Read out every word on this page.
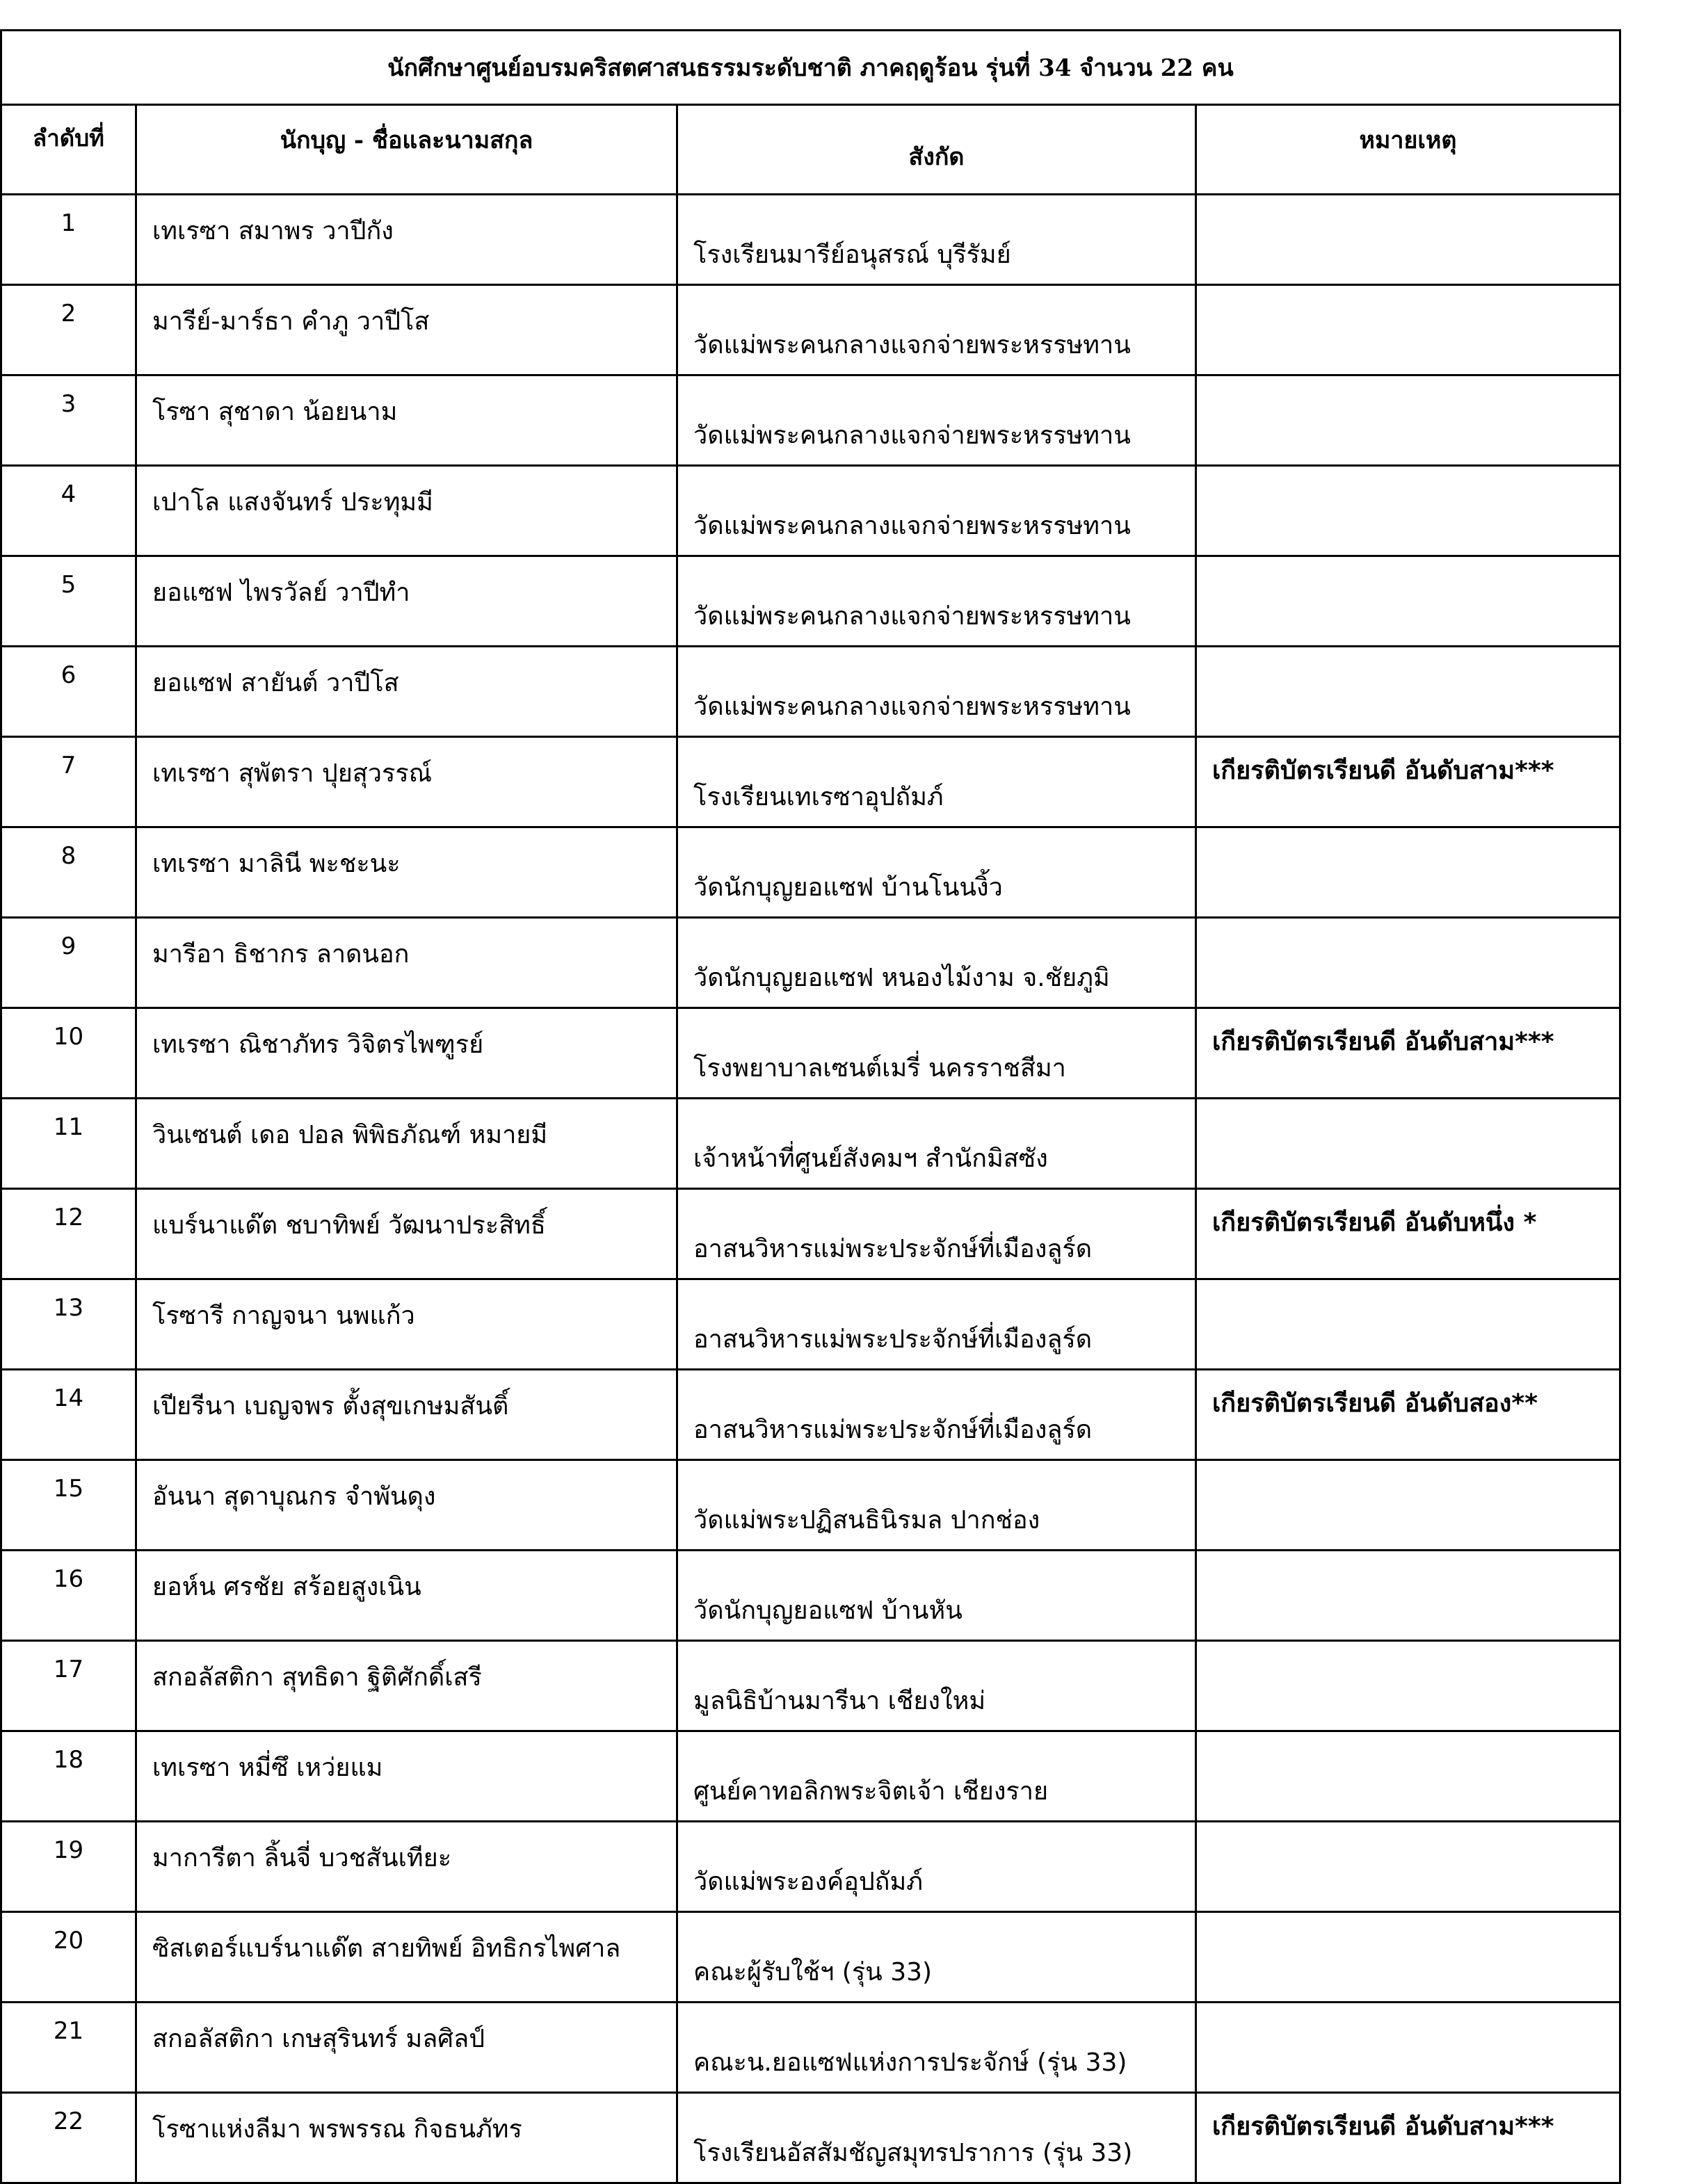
นักศึกษาศูนย์อบรมคริสตศาสนธรรมระดับชาติ ภาคฤดูร้อน รุ่นที่ 34 จำนวน 22 คน			
ลำดับที่	นักบุญ - ชื่อและนามสกุล	สังกัด	หมายเหตุ
1	เทเรซา สมาพร วาปีกัง	โรงเรียนมารีย์อนุสรณ์ บุรีรัมย์	
2	มารีย์-มาร์ธา คำภู วาปีโส	วัดแม่พระคนกลางแจกจ่ายพระหรรษทาน	
3	โรซา สุชาดา น้อยนาม	วัดแม่พระคนกลางแจกจ่ายพระหรรษทาน	
4	เปาโล แสงจันทร์ ประทุมมี	วัดแม่พระคนกลางแจกจ่ายพระหรรษทาน	
5	ยอแซฟ ไพรวัลย์ วาปีทำ	วัดแม่พระคนกลางแจกจ่ายพระหรรษทาน	
6	ยอแซฟ สายันต์ วาปีโส	วัดแม่พระคนกลางแจกจ่ายพระหรรษทาน	
7	เทเรซา สุพัตรา ปุยสุวรรณ์	โรงเรียนเทเรซาอุปถัมภ์	เกียรติบัตรเรียนดี อันดับสาม***
8	เทเรซา มาลินี พะชะนะ	วัดนักบุญยอแซฟ บ้านโนนงิ้ว	
9	มารีอา ธิชากร ลาดนอก	วัดนักบุญยอแซฟ หนองไม้งาม จ.ชัยภูมิ	
10	เทเรซา ณิชาภัทร วิจิตรไพฑูรย์	โรงพยาบาลเซนต์เมรี่ นครราชสีมา	เกียรติบัตรเรียนดี อันดับสาม***
11	วินเซนต์ เดอ ปอล พิพิธภัณฑ์ หมายมี	เจ้าหน้าที่ศูนย์สังคมฯ สำนักมิสซัง	
12	แบร์นาแด๊ต ชบาทิพย์ วัฒนาประสิทธิ์	อาสนวิหารแม่พระประจักษ์ที่เมืองลูร์ด	เกียรติบัตรเรียนดี อันดับหนึ่ง *
13	โรซารี กาญจนา นพแก้ว	อาสนวิหารแม่พระประจักษ์ที่เมืองลูร์ด	
14	เปียรีนา เบญจพร ตั้งสุขเกษมสันติ์	อาสนวิหารแม่พระประจักษ์ที่เมืองลูร์ด	เกียรติบัตรเรียนดี อันดับสอง**
15	อันนา สุดาบุณกร จำพันดุง	วัดแม่พระปฏิสนธินิรมล ปากช่อง	
16	ยอห์น ศรชัย สร้อยสูงเนิน	วัดนักบุญยอแซฟ บ้านหัน	
17	สกอลัสติกา สุทธิดา ฐิติศักดิ์เสรี	มูลนิธิบ้านมารีนา เชียงใหม่	
18	เทเรซา หมี่ซึ เหว่ยแม	ศูนย์คาทอลิกพระจิตเจ้า เชียงราย	
19	มาการีตา ลิ้นจี่ บวชสันเทียะ	วัดแม่พระองค์อุปถัมภ์	
20	ซิสเตอร์แบร์นาแด๊ต สายทิพย์ อิทธิกรไพศาล	คณะผู้รับใช้ฯ (รุ่น 33)	
21	สกอลัสติกา เกษสุรินทร์ มลศิลป์	คณะน.ยอแซฟแห่งการประจักษ์ (รุ่น 33)	
22	โรซาแห่งลีมา พรพรรณ กิจธนภัทร	โรงเรียนอัสสัมชัญสมุทรปราการ (รุ่น 33)	เกียรติบัตรเรียนดี อันดับสาม***
